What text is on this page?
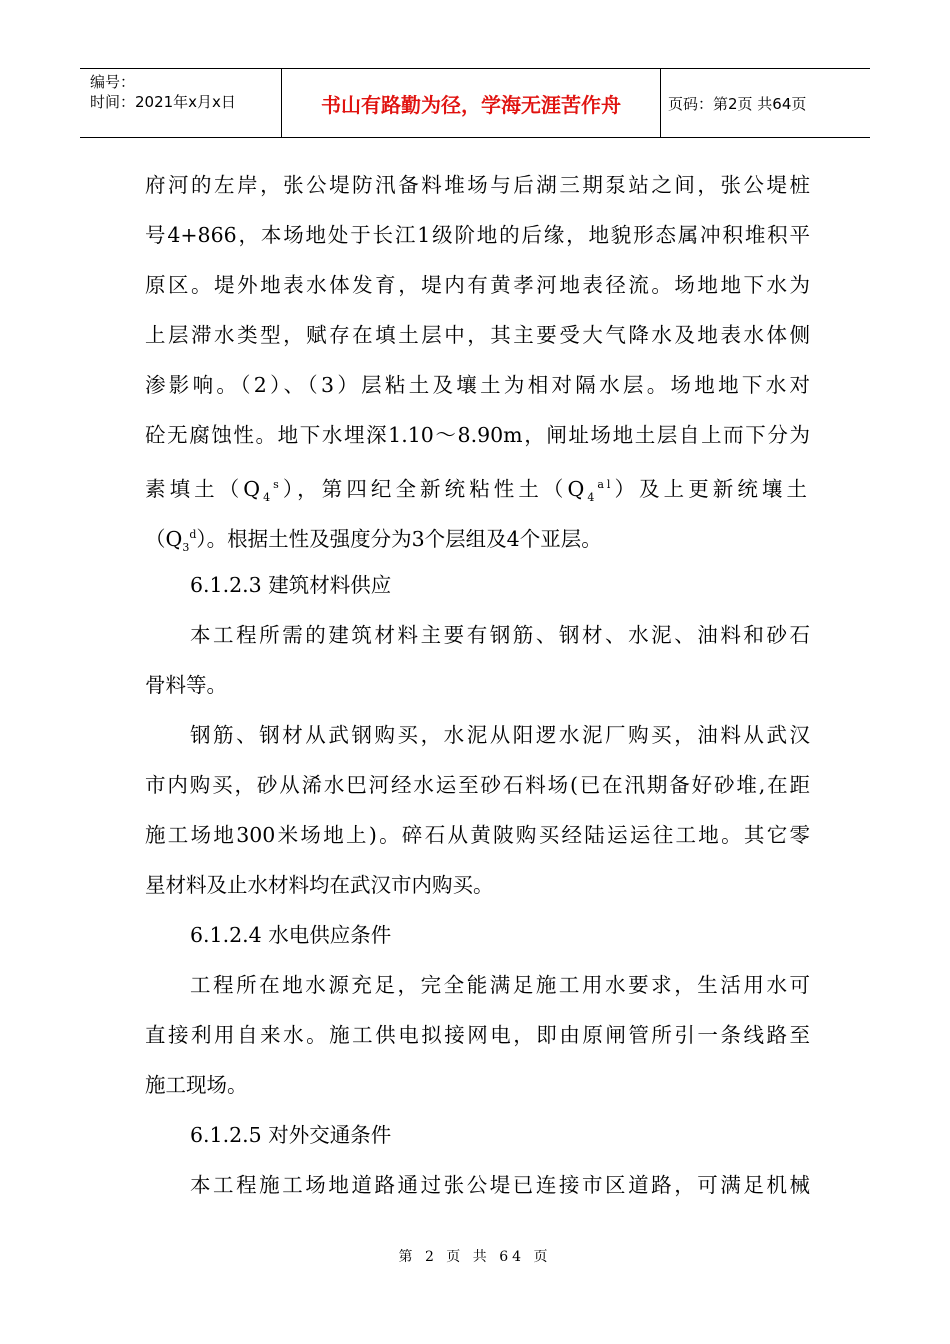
编号：
时间：2021年x月x日	书山有路勤为径，学海无涯苦作舟	页码：第2页 共64页
府河的左岸，张公堤防汛备料堆场与后湖三期泵站之间，张公堤桩
号4+866，本场地处于长江1级阶地的后缘，地貌形态属冲积堆积平
原区。堤外地表水体发育，堤内有黄孝河地表径流。场地地下水为
上层滞水类型，赋存在填土层中，其主要受大气降水及地表水体侧
渗影响。（2）、（3）层粘土及壤土为相对隔水层。场地地下水对
砼无腐蚀性。地下水埋深1.10～8.90m，闸址场地土层自上而下分为
素填土$(Q_4^s)$，第四纪全新统粘性土$(Q_4^{al})$及上更新统壤土
$(Q_3^d)$。根据土性及强度分为3个层组及4个亚层。
6.1.2.3 建筑材料供应
本工程所需的建筑材料主要有钢筋、钢材、水泥、油料和砂石
骨料等。
钢筋、钢材从武钢购买，水泥从阳逻水泥厂购买，油料从武汉
市内购买，砂从浠水巴河经水运至砂石料场(已在汛期备好砂堆,在距
施工场地300米场地上)。碎石从黄陂购买经陆运运往工地。其它零
星材料及止水材料均在武汉市内购买。
6.1.2.4 水电供应条件
工程所在地水源充足，完全能满足施工用水要求，生活用水可
直接利用自来水。施工供电拟接网电，即由原闸管所引一条线路至
施工现场。
6.1.2.5 对外交通条件
本工程施工场地道路通过张公堤已连接市区道路，可满足机械
第 2 页 共 64 页
